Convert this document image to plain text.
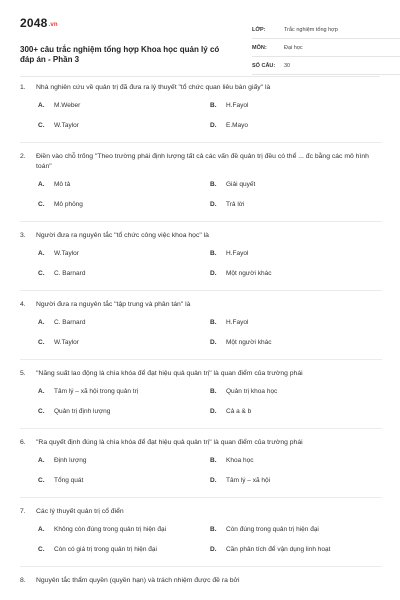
2048.vn
300+ câu trắc nghiệm tổng hợp Khoa học quản lý có đáp án - Phần 3
LỚP:	Trắc nghiệm tổng hợp
MÔN:	Đại học
SỐ CÂU: 30
1.	Nhà nghiên cứu về quản trị đã đưa ra lý thuyết "tổ chức quan liêu bàn giấy" là
A.	M.Weber	B.	H.Fayol
C.	W.Taylor	D.	E.Mayo
2.	Điền vào chỗ trống "Theo trường phái định lượng tất cả các vấn đề quản trị đều có thể ... đc bằng các mô hình toán"
A.	Mô tả	B.	Giải quyết
C.	Mô phỏng	D.	Trả lời
3.	Người đưa ra nguyên tắc "tổ chức công việc khoa học" là
A.	W.Taylor	B.	H.Fayol
C.	C. Barnard	D.	Một người khác
4.	Người đưa ra nguyên tắc "tập trung và phân tán" là
A.	C. Barnard	B.	H.Fayol
C.	W.Taylor	D.	Một người khác
5.	"Năng suất lao động là chìa khóa để đạt hiệu quả quản trị" là quan điểm của trường phái
A.	Tâm lý – xã hội trong quản trị	B.	Quản trị khoa học
C.	Quản trị định lượng	D.	Cả a & b
6.	"Ra quyết định đúng là chìa khóa để đạt hiệu quả quản trị" là quan điểm của trường phái
A.	Định lượng	B.	Khoa học
C.	Tổng quát	D.	Tâm lý – xã hội
7.	Các lý thuyết quản trị cổ điển
A.	Không còn đúng trong quản trị hiện đại	B.	Còn đúng trong quản trị hiện đại
C.	Còn có giá trị trong quản trị hiện đại	D.	Cần phân tích để vận dụng linh hoạt
8.	Nguyên tắc thẩm quyền (quyền hạn) và trách nhiệm được đề ra bởi
